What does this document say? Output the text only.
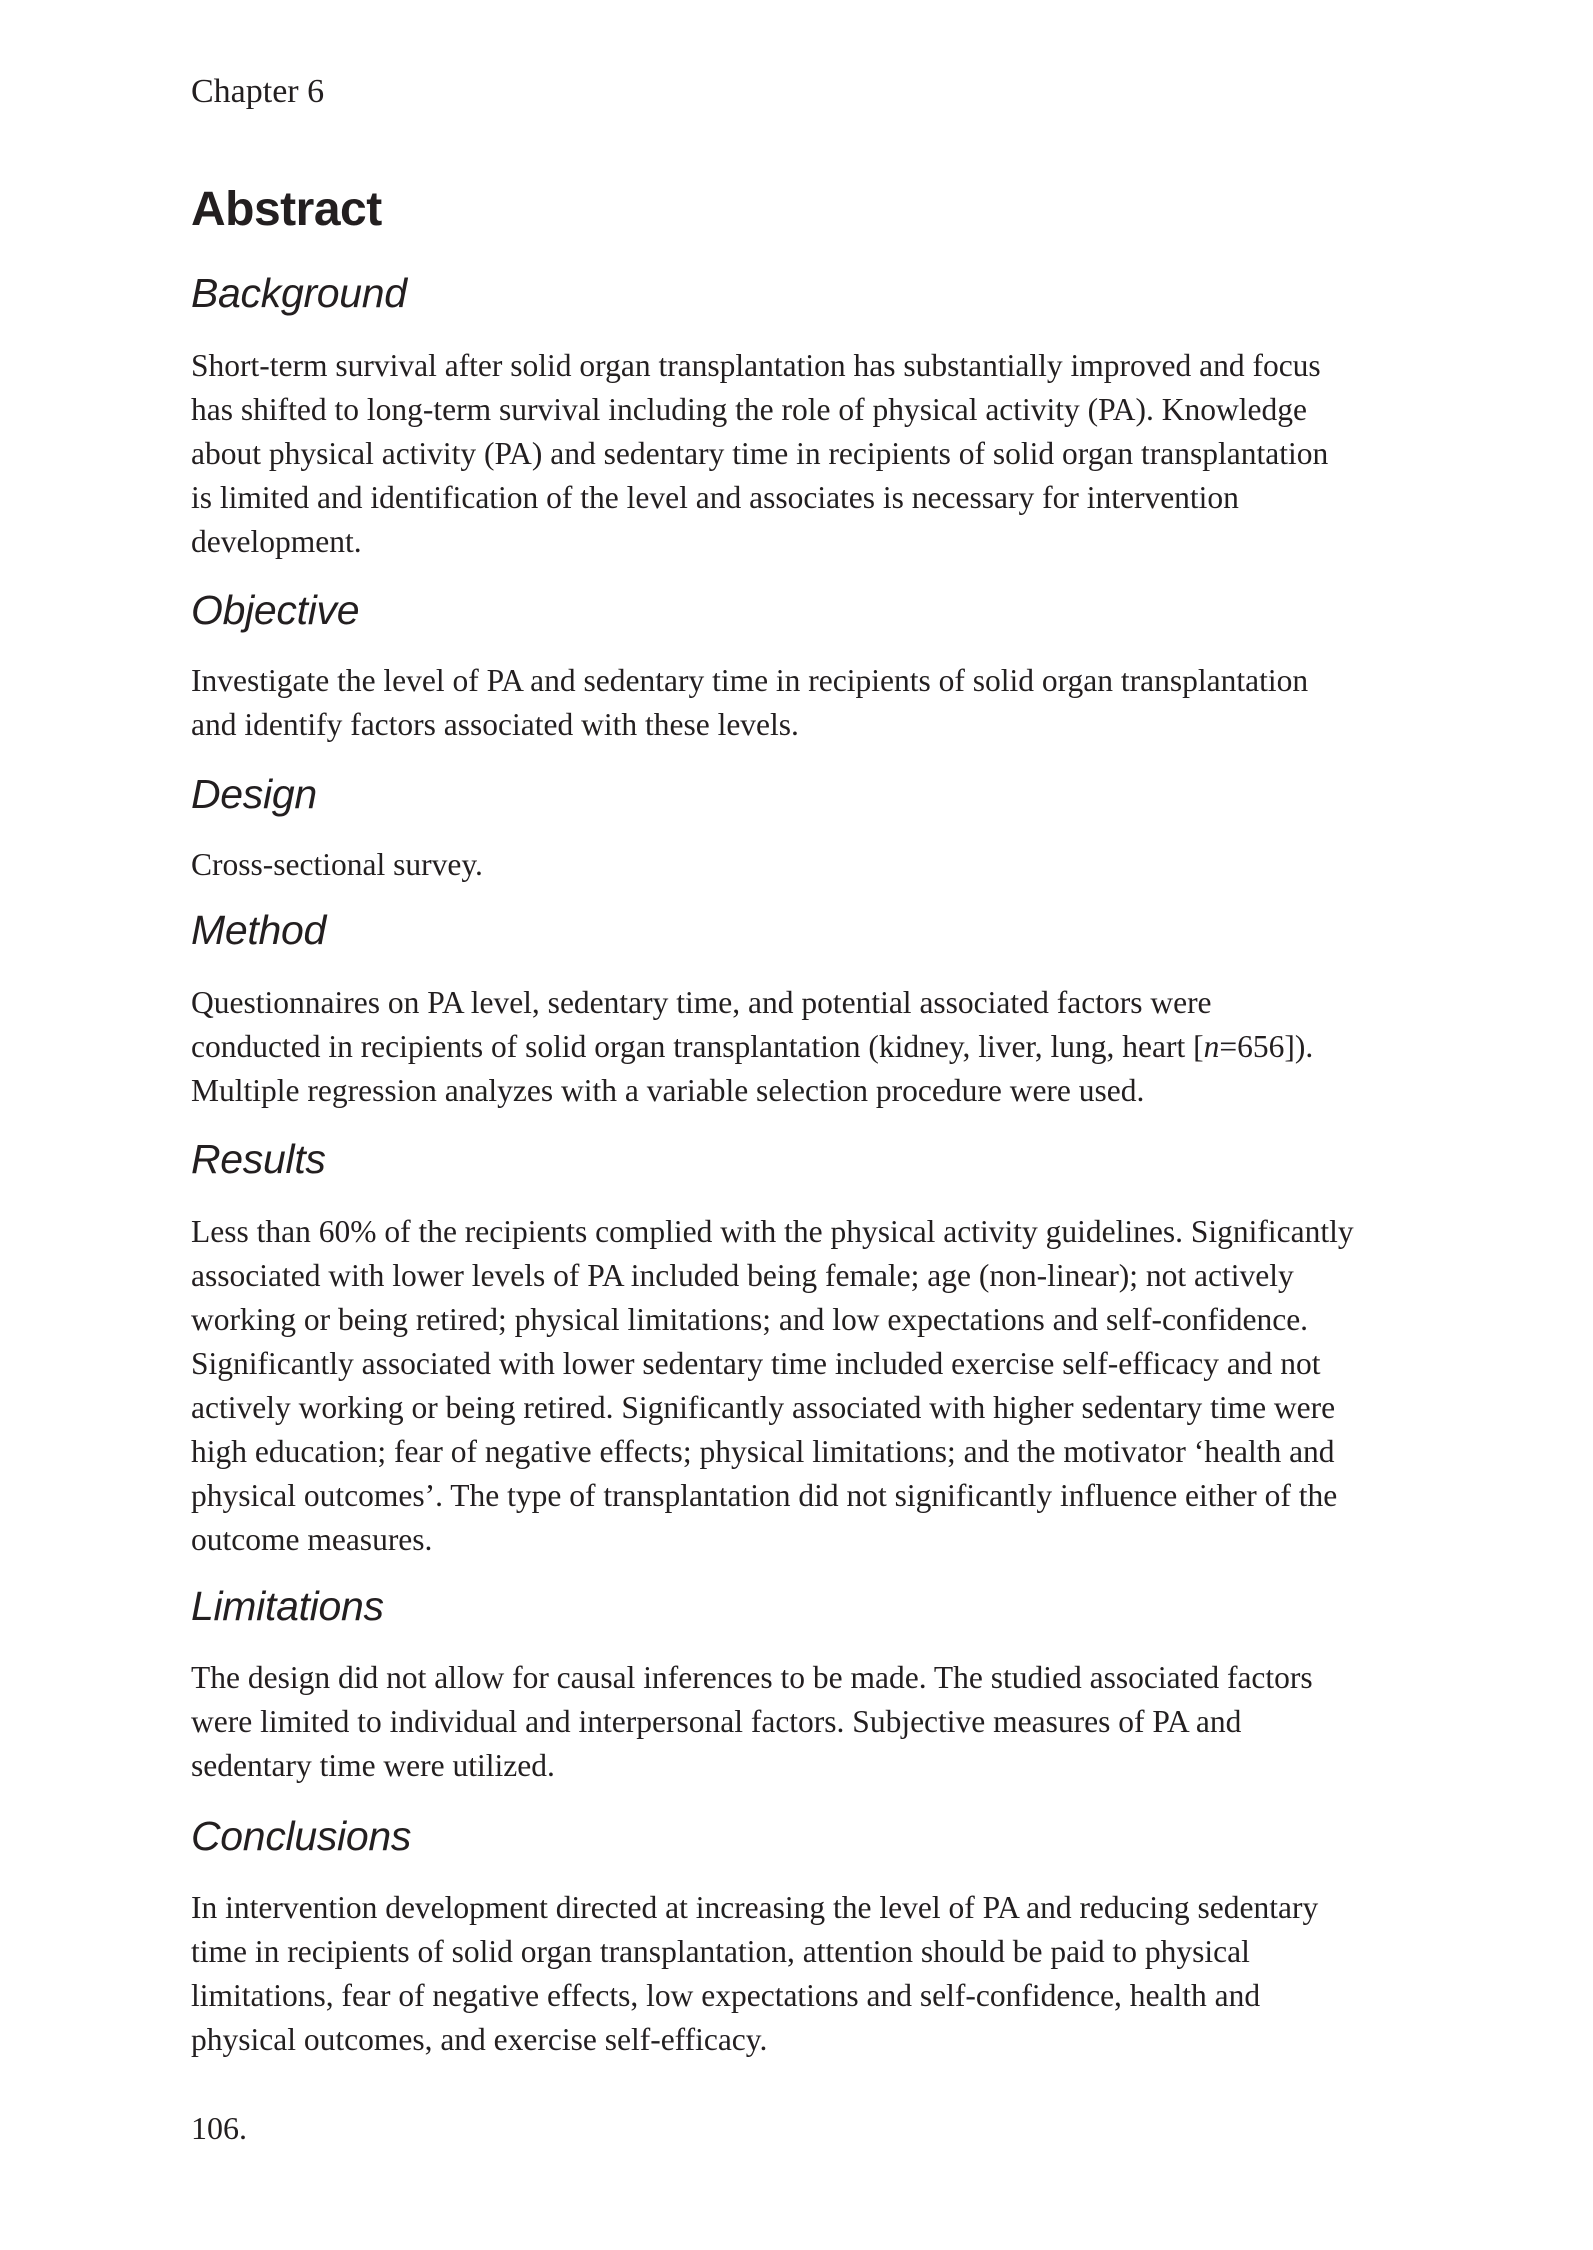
Chapter 6
Abstract
Background
Short-term survival after solid organ transplantation has substantially improved and focus
has shifted to long-term survival including the role of physical activity (PA). Knowledge
about physical activity (PA) and sedentary time in recipients of solid organ transplantation
is limited and identification of the level and associates is necessary for intervention
development.
Objective
Investigate the level of PA and sedentary time in recipients of solid organ transplantation
and identify factors associated with these levels.
Design
Cross-sectional survey.
Method
Questionnaires on PA level, sedentary time, and potential associated factors were
conducted in recipients of solid organ transplantation (kidney, liver, lung, heart [n=656]).
Multiple regression analyzes with a variable selection procedure were used.
Results
Less than 60% of the recipients complied with the physical activity guidelines. Significantly
associated with lower levels of PA included being female; age (non-linear); not actively
working or being retired; physical limitations; and low expectations and self-confidence.
Significantly associated with lower sedentary time included exercise self-efficacy and not
actively working or being retired. Significantly associated with higher sedentary time were
high education; fear of negative effects; physical limitations; and the motivator ‘health and
physical outcomes’. The type of transplantation did not significantly influence either of the
outcome measures.
Limitations
The design did not allow for causal inferences to be made. The studied associated factors
were limited to individual and interpersonal factors. Subjective measures of PA and
sedentary time were utilized.
Conclusions
In intervention development directed at increasing the level of PA and reducing sedentary
time in recipients of solid organ transplantation, attention should be paid to physical
limitations, fear of negative effects, low expectations and self-confidence, health and
physical outcomes, and exercise self-efficacy.
106.
